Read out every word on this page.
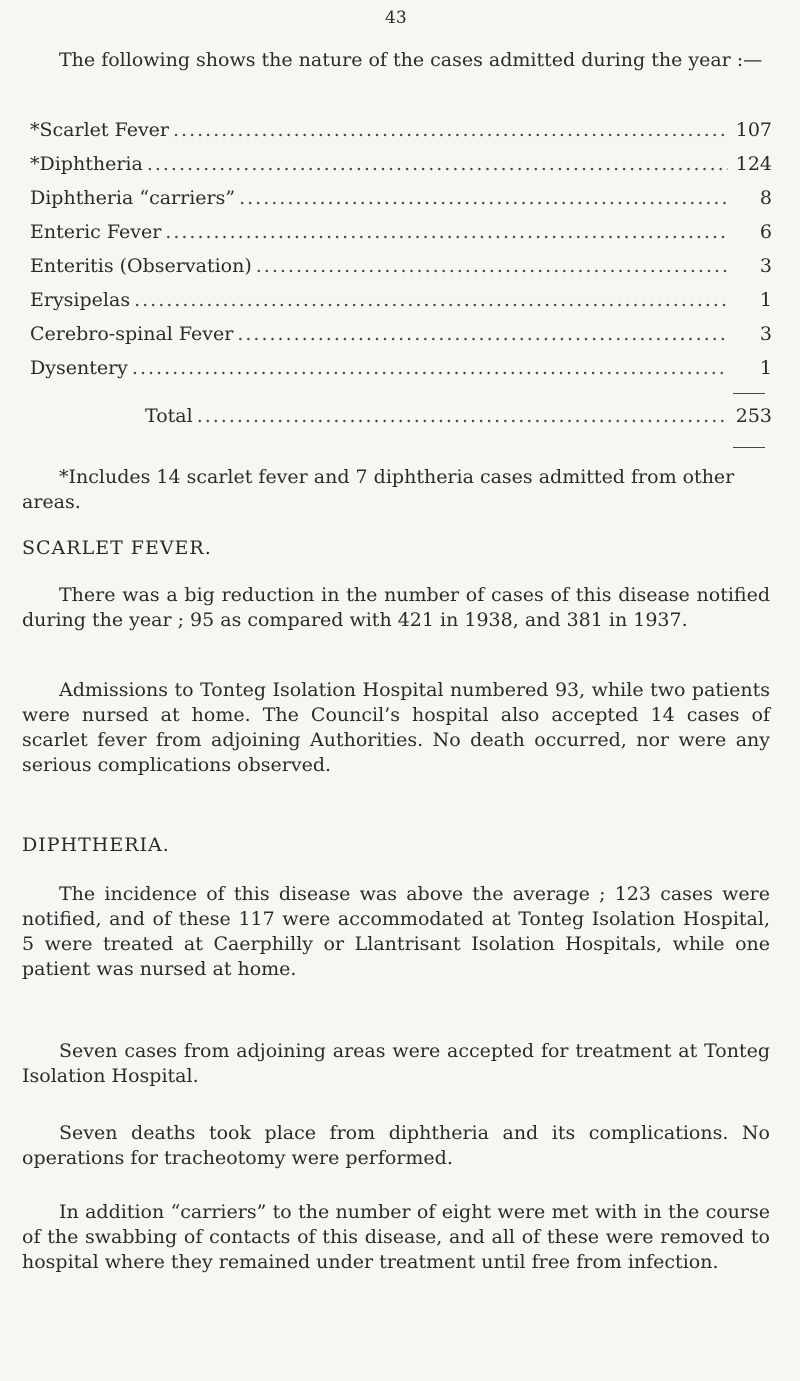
43

The following shows the nature of the cases admitted during the year :—

*Scarlet Fever .....	107
*Diphtheria .....	124
Diphtheria “carriers” .....	8
Enteric Fever .....	6
Enteritis (Observation) .....	3
Erysipelas .....	1
Cerebro-spinal Fever .....	3
Dysentery .....	1
Total .....	253

*Includes 14 scarlet fever and 7 diphtheria cases admitted from other areas.

SCARLET FEVER.

There was a big reduction in the number of cases of this disease notified during the year ; 95 as compared with 421 in 1938, and 381 in 1937.

Admissions to Tonteg Isolation Hospital numbered 93, while two patients were nursed at home. The Council’s hospital also accepted 14 cases of scarlet fever from adjoining Authorities. No death occurred, nor were any serious complications observed.

DIPHTHERIA.

The incidence of this disease was above the average ; 123 cases were notified, and of these 117 were accommodated at Tonteg Isolation Hospital, 5 were treated at Caerphilly or Llantrisant Isolation Hospitals, while one patient was nursed at home.

Seven cases from adjoining areas were accepted for treatment at Tonteg Isolation Hospital.

Seven deaths took place from diphtheria and its complications. No operations for tracheotomy were performed.

In addition “carriers” to the number of eight were met with in the course of the swabbing of contacts of this disease, and all of these were removed to hospital where they remained under treatment until free from infection.
